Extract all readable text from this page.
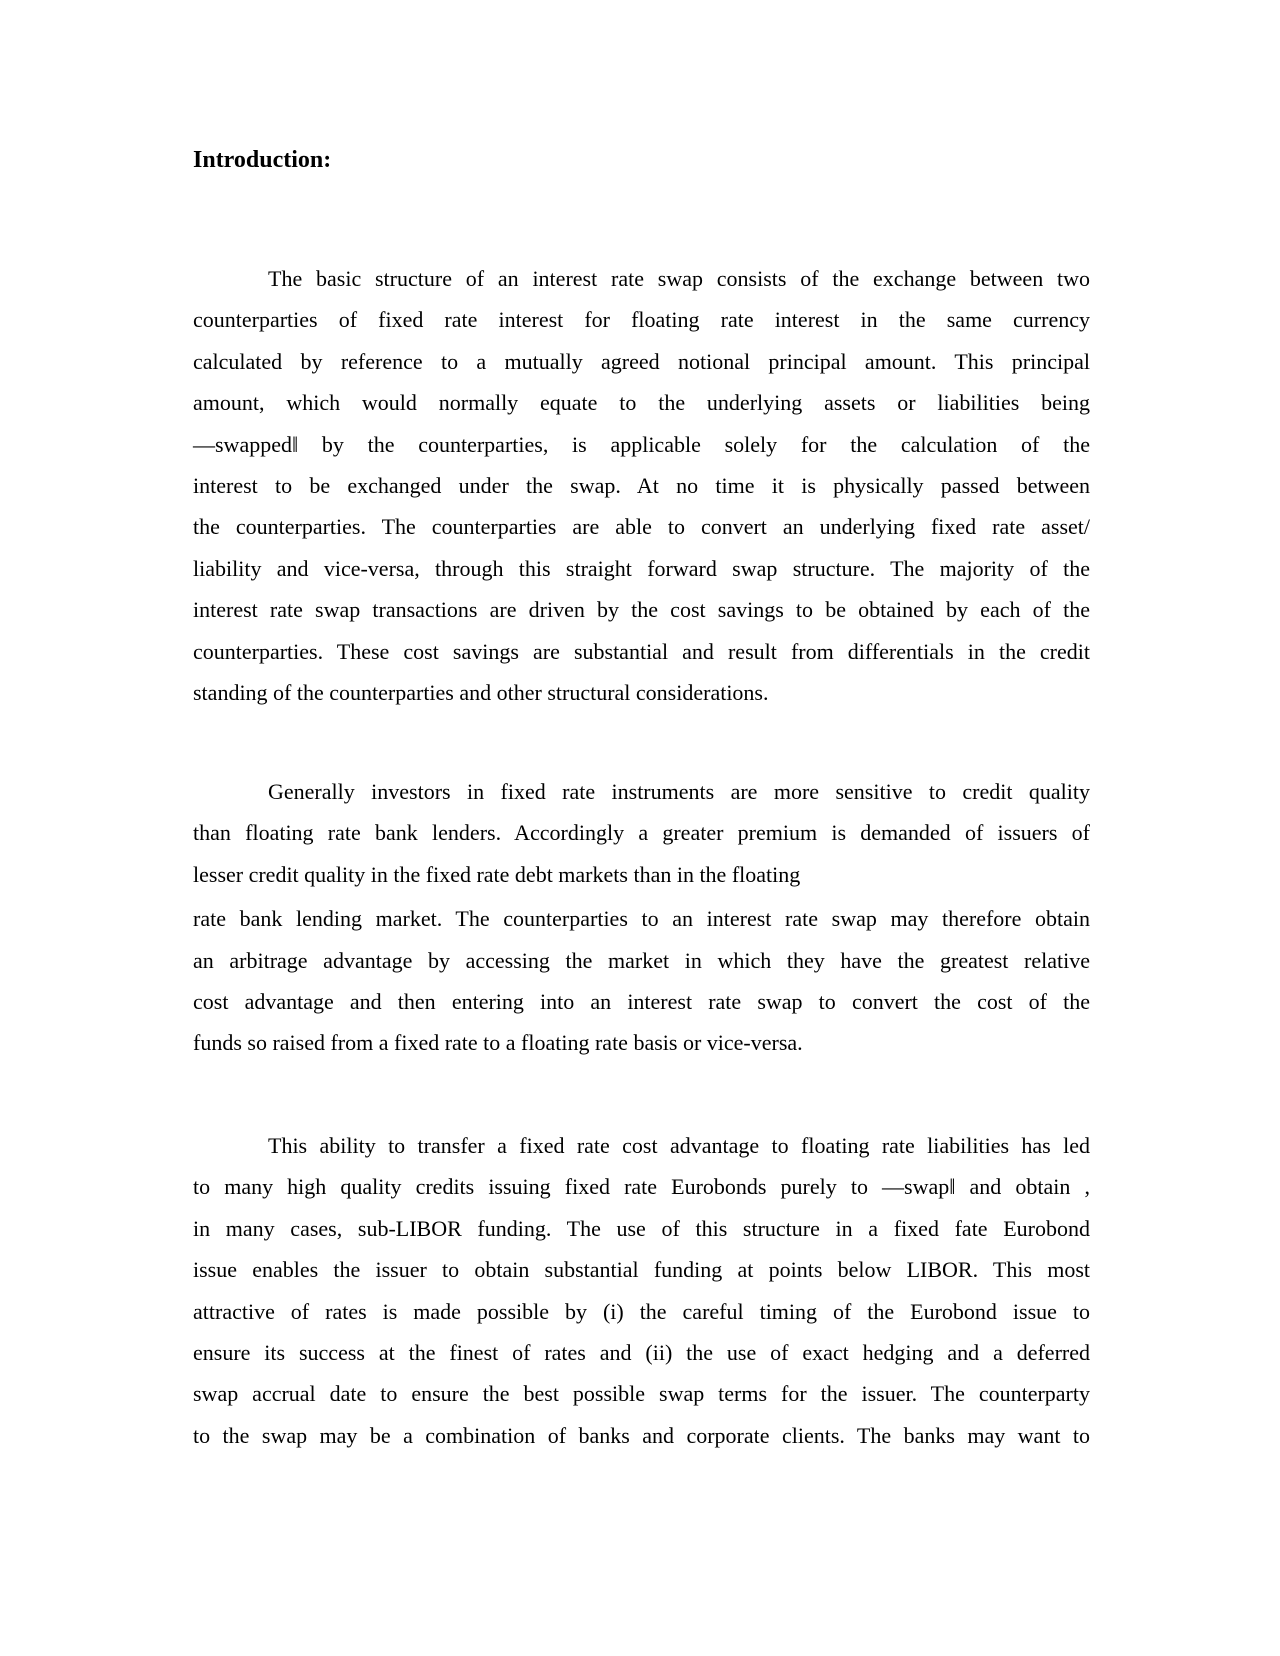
Introduction:
The basic structure of an interest rate swap consists of the exchange between two
counterparties of fixed rate interest for floating rate interest in the same currency
calculated by reference to a mutually agreed notional principal amount. This principal
amount, which would normally equate to the underlying assets or liabilities being
—swapped‖ by the counterparties, is applicable solely for the calculation of the
interest to be exchanged under the swap. At no time it is physically passed between
the counterparties. The counterparties are able to convert an underlying fixed rate asset/
liability and vice-versa, through this straight forward swap structure. The majority of the
interest rate swap transactions are driven by the cost savings to be obtained by each of the
counterparties. These cost savings are substantial and result from differentials in the credit
standing of the counterparties and other structural considerations.
Generally investors in fixed rate instruments are more sensitive to credit quality
than floating rate bank lenders. Accordingly a greater premium is demanded of issuers of
lesser credit quality in the fixed rate debt markets than in the floating
rate bank lending market. The counterparties to an interest rate swap may therefore obtain
an arbitrage advantage by accessing the market in which they have the greatest relative
cost advantage and then entering into an interest rate swap to convert the cost of the
funds so raised from a fixed rate to a floating rate basis or vice-versa.
This ability to transfer a fixed rate cost advantage to floating rate liabilities has led
to many high quality credits issuing fixed rate Eurobonds purely to —swap‖ and obtain ,
in many cases, sub-LIBOR funding. The use of this structure in a fixed fate Eurobond
issue enables the issuer to obtain substantial funding at points below LIBOR. This most
attractive of rates is made possible by (i) the careful timing of the Eurobond issue to
ensure its success at the finest of rates and (ii) the use of exact hedging and a deferred
swap accrual date to ensure the best possible swap terms for the issuer. The counterparty
to the swap may be a combination of banks and corporate clients. The banks may want to
